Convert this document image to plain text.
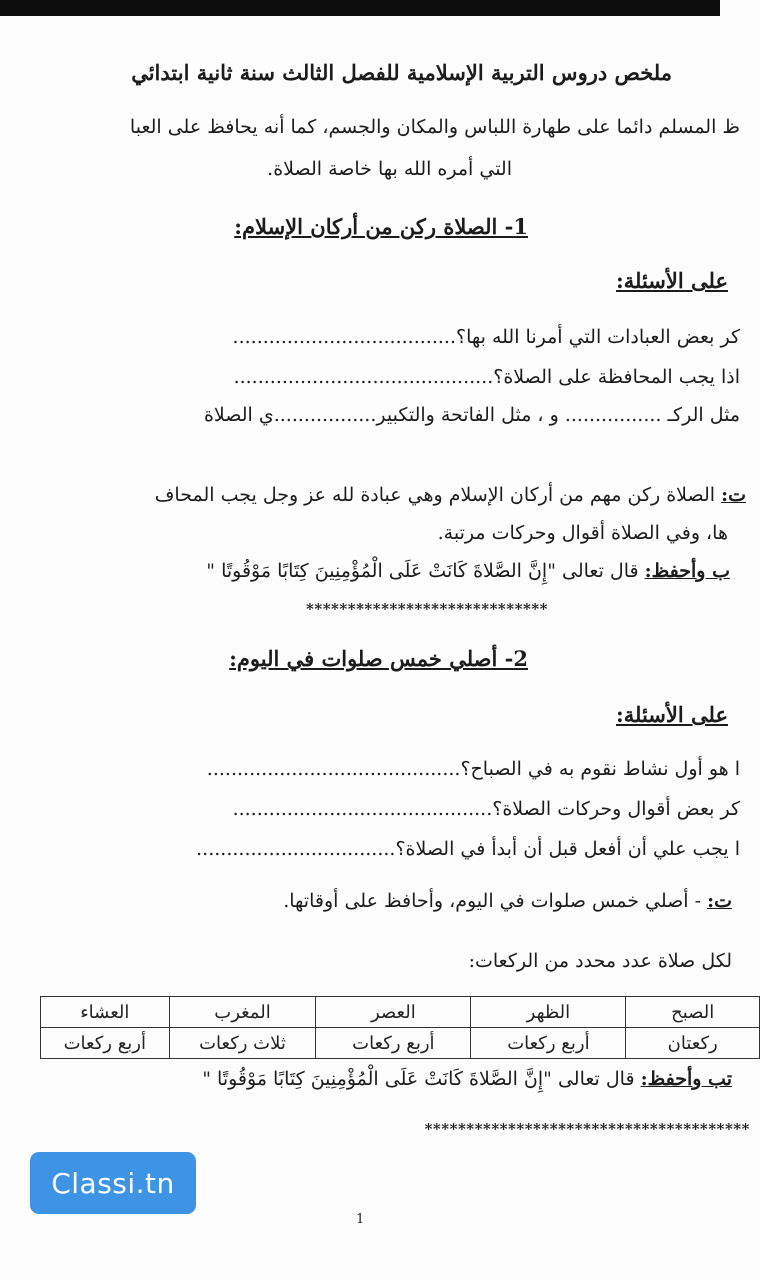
ملخص دروس التربية الإسلامية للفصل الثالث سنة ثانية ابتدائي
ظ المسلم دائما على طهارة اللباس والمكان والجسم، كما أنه يحافظ على العبا
التي أمره الله بها خاصة الصلاة.
1- الصلاة ركن من أركان الإسلام:
على الأسئلة:
كر بعض العبادات التي أمرنا الله بها؟.....................................
اذا يجب المحافظة على الصلاة؟...........................................
مثل الركـ ................ و ، مثل الفاتحة والتكبير.................ي الصلاة
ت: الصلاة ركن مهم من أركان الإسلام وهي عبادة لله عز وجل يجب المحاف
ها، وفي الصلاة أقوال وحركات مرتبة.
ب وأحفظ: قال تعالى "إِنَّ الصَّلاةَ كَانَتْ عَلَى الْمُؤْمِنِينَ كِتَابًا مَوْقُوتًا "
*****************************
2- أصلي خمس صلوات في اليوم:
على الأسئلة:
ا هو أول نشاط نقوم به في الصباح؟..........................................
كر بعض أقوال وحركات الصلاة؟...........................................
ا يجب علي أن أفعل قبل أن أبدأ في الصلاة؟.................................
ت: - أصلي خمس صلوات في اليوم، وأحافظ على أوقاتها.
لكل صلاة عدد محدد من الركعات:
الصبح	الظهر	العصر	المغرب	العشاء
ركعتان	أربع ركعات	أربع ركعات	ثلاث ركعات	أربع ركعات
تب وأحفظ: قال تعالى "إِنَّ الصَّلاةَ كَانَتْ عَلَى الْمُؤْمِنِينَ كِتَابًا مَوْقُوتًا "
***************************************
Classi.tn
1
